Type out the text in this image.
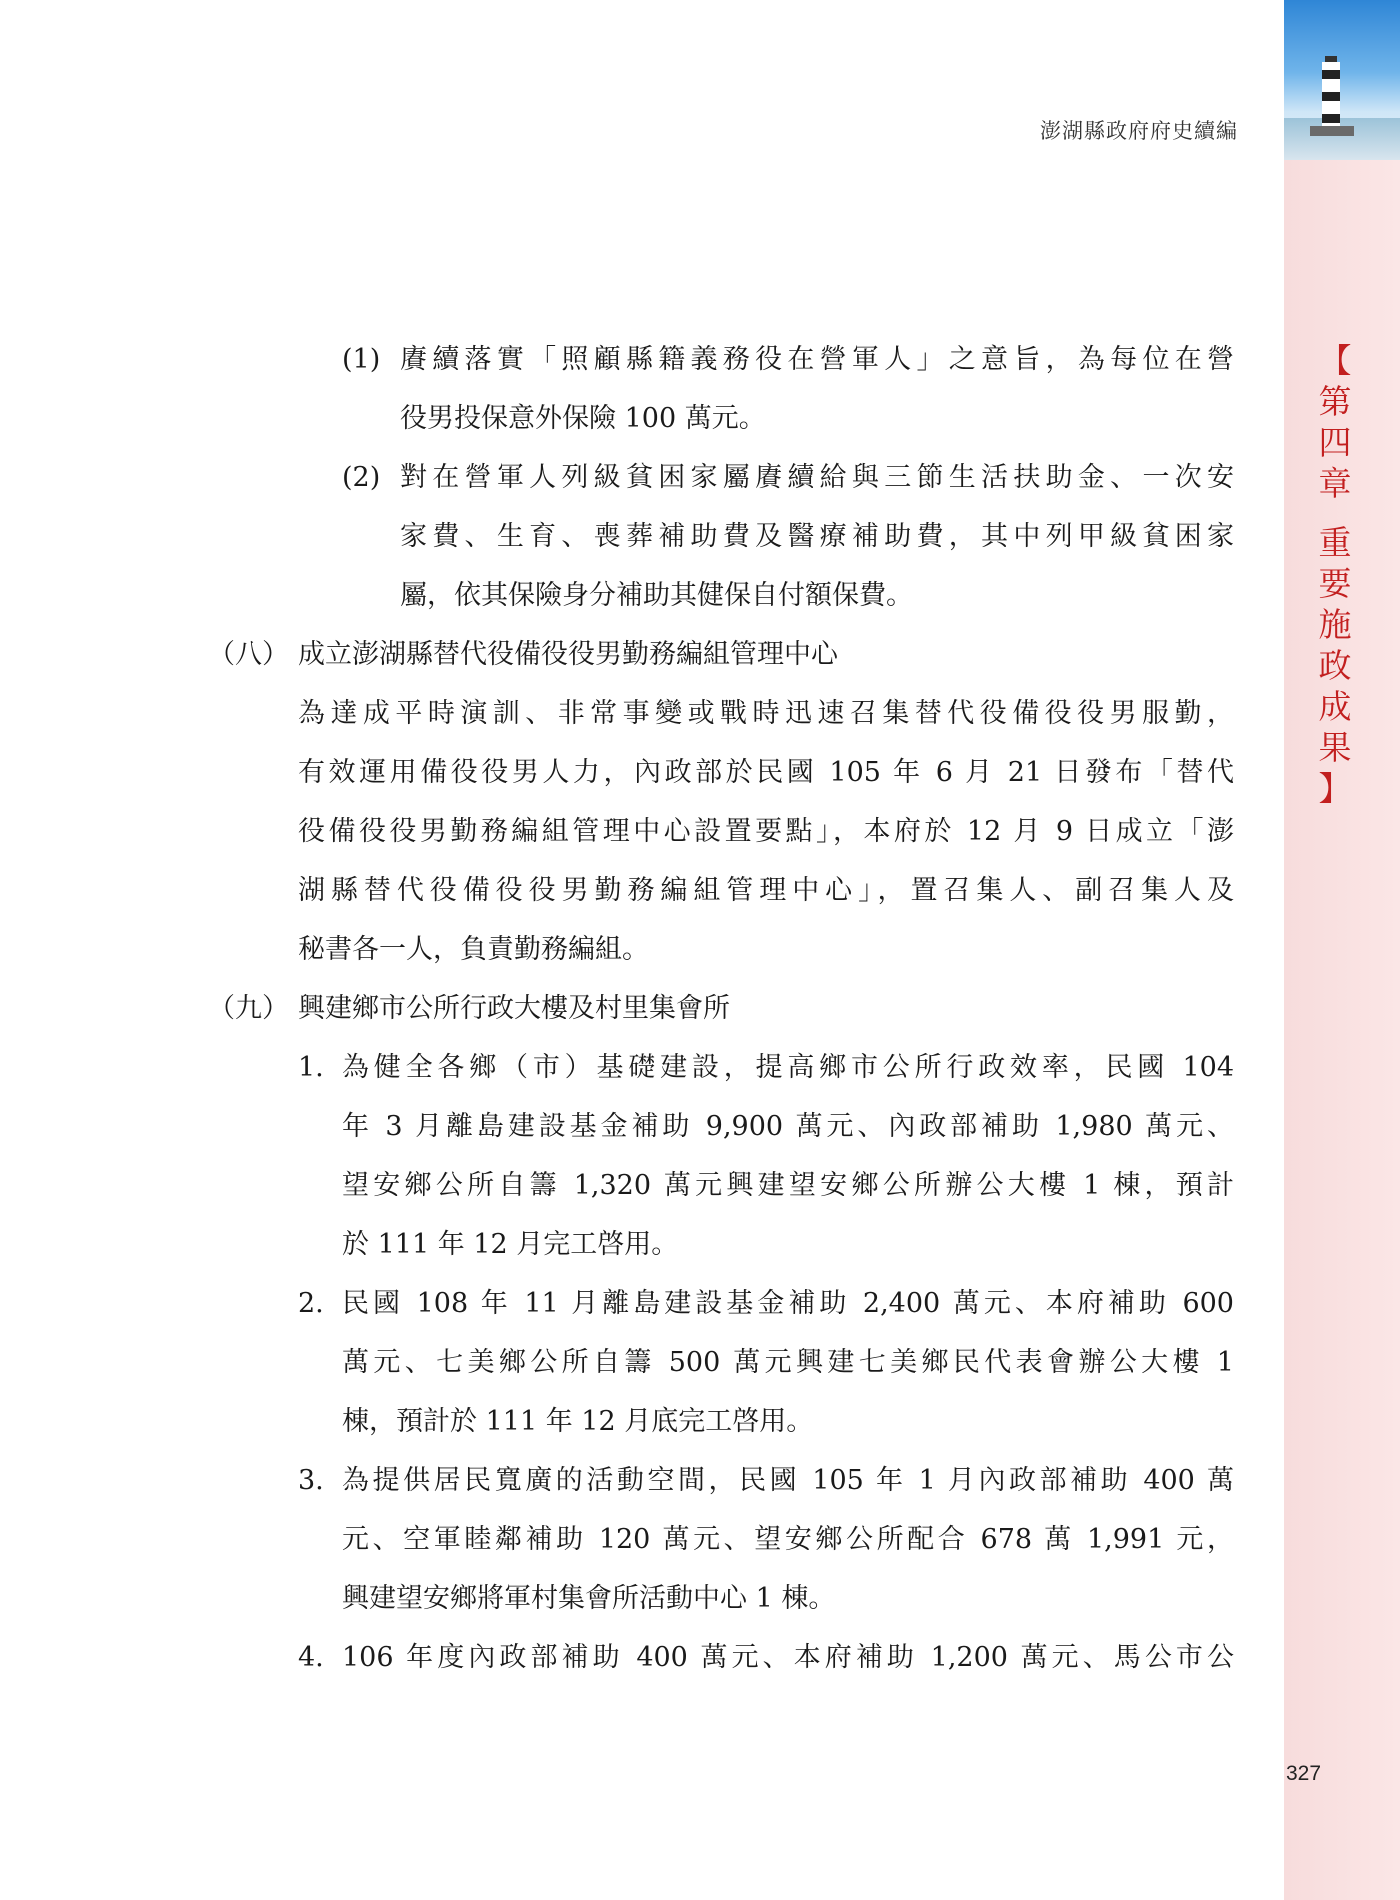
澎湖縣政府府史續編
【
第
四
章
重
要
施
政
成
果
】
327
(1) 賡續落實「照顧縣籍義務役在營軍人」之意旨，為每位在營
役男投保意外保險 100 萬元。
(2) 對在營軍人列級貧困家屬賡續給與三節生活扶助金、一次安
家費、生育、喪葬補助費及醫療補助費，其中列甲級貧困家
屬，依其保險身分補助其健保自付額保費。
（八） 成立澎湖縣替代役備役役男勤務編組管理中心
為達成平時演訓、非常事變或戰時迅速召集替代役備役役男服勤，
有效運用備役役男人力，內政部於民國 105 年 6 月 21 日發布「替代
役備役役男勤務編組管理中心設置要點」，本府於 12 月 9 日成立「澎
湖縣替代役備役役男勤務編組管理中心」，置召集人、副召集人及
秘書各一人，負責勤務編組。
（九） 興建鄉市公所行政大樓及村里集會所
1. 為健全各鄉（市）基礎建設，提高鄉市公所行政效率，民國 104
年 3 月離島建設基金補助 9,900 萬元、內政部補助 1,980 萬元、
望安鄉公所自籌 1,320 萬元興建望安鄉公所辦公大樓 1 棟，預計
於 111 年 12 月完工啓用。
2. 民國 108 年 11 月離島建設基金補助 2,400 萬元、本府補助 600
萬元、七美鄉公所自籌 500 萬元興建七美鄉民代表會辦公大樓 1
棟，預計於 111 年 12 月底完工啓用。
3. 為提供居民寬廣的活動空間，民國 105 年 1 月內政部補助 400 萬
元、空軍睦鄰補助 120 萬元、望安鄉公所配合 678 萬 1,991 元，
興建望安鄉將軍村集會所活動中心 1 棟。
4. 106 年度內政部補助 400 萬元、本府補助 1,200 萬元、馬公市公
